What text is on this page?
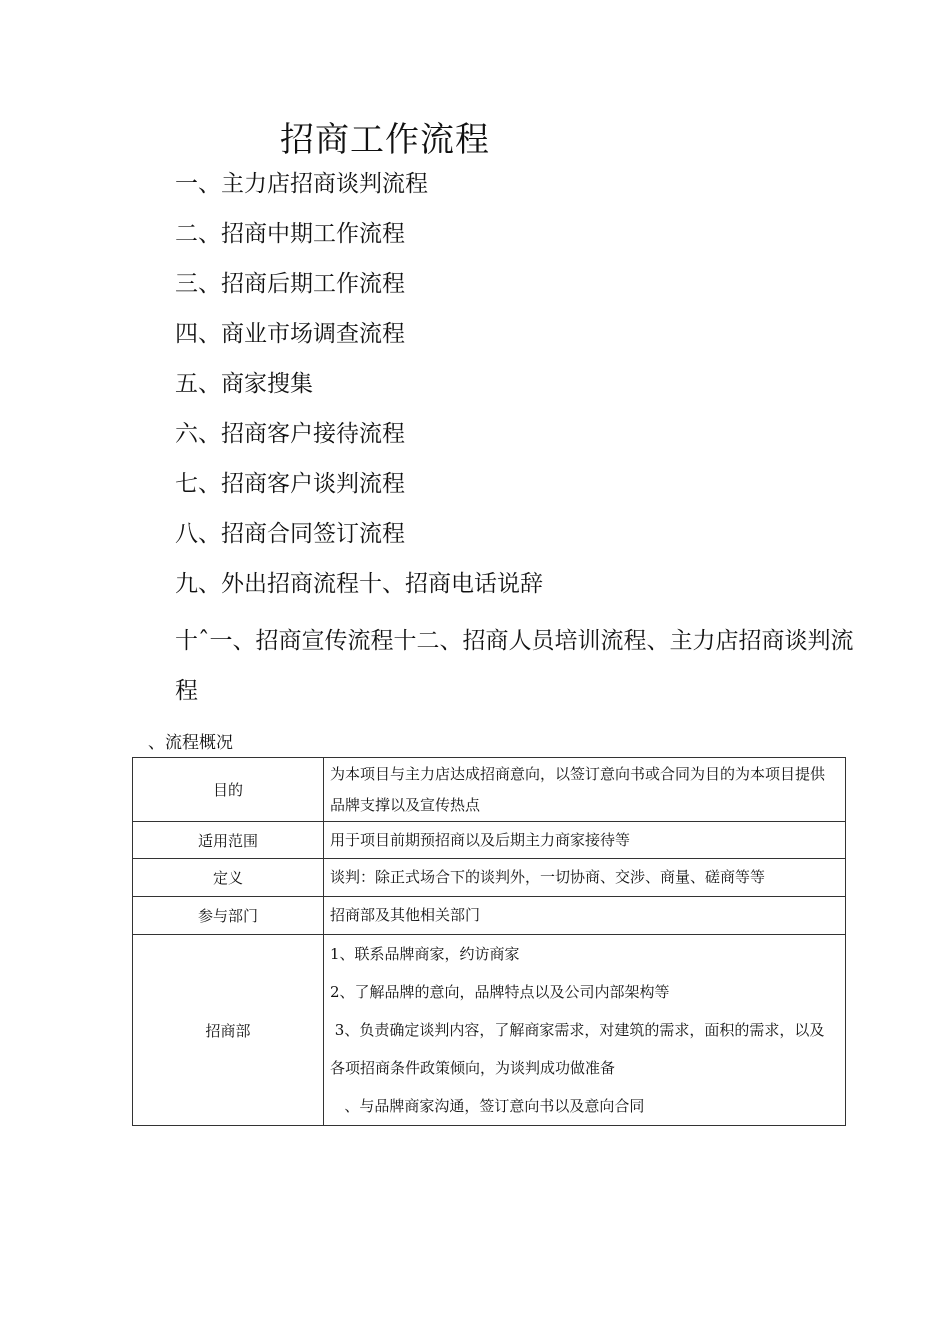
招商工作流程
一、主力店招商谈判流程
二、招商中期工作流程
三、招商后期工作流程
四、商业市场调查流程
五、商家搜集
六、招商客户接待流程
七、招商客户谈判流程
八、招商合同签订流程
九、外出招商流程十、招商电话说辞
十ˆ一、招商宣传流程十二、招商人员培训流程、主力店招商谈判流程
、流程概况
目的	为本项目与主力店达成招商意向，以签订意向书或合同为目的为本项目提供品牌支撑以及宣传热点
适用范围	用于项目前期预招商以及后期主力商家接待等
定义	谈判：除正式场合下的谈判外，一切协商、交涉、商量、磋商等等
参与部门	招商部及其他相关部门
招商部	1、联系品牌商家，约访商家

2、了解品牌的意向，品牌特点以及公司内部架构等

3、负责确定谈判内容，了解商家需求，对建筑的需求，面积的需求，以及各项招商条件政策倾向，为谈判成功做准备

、与品牌商家沟通，签订意向书以及意向合同
